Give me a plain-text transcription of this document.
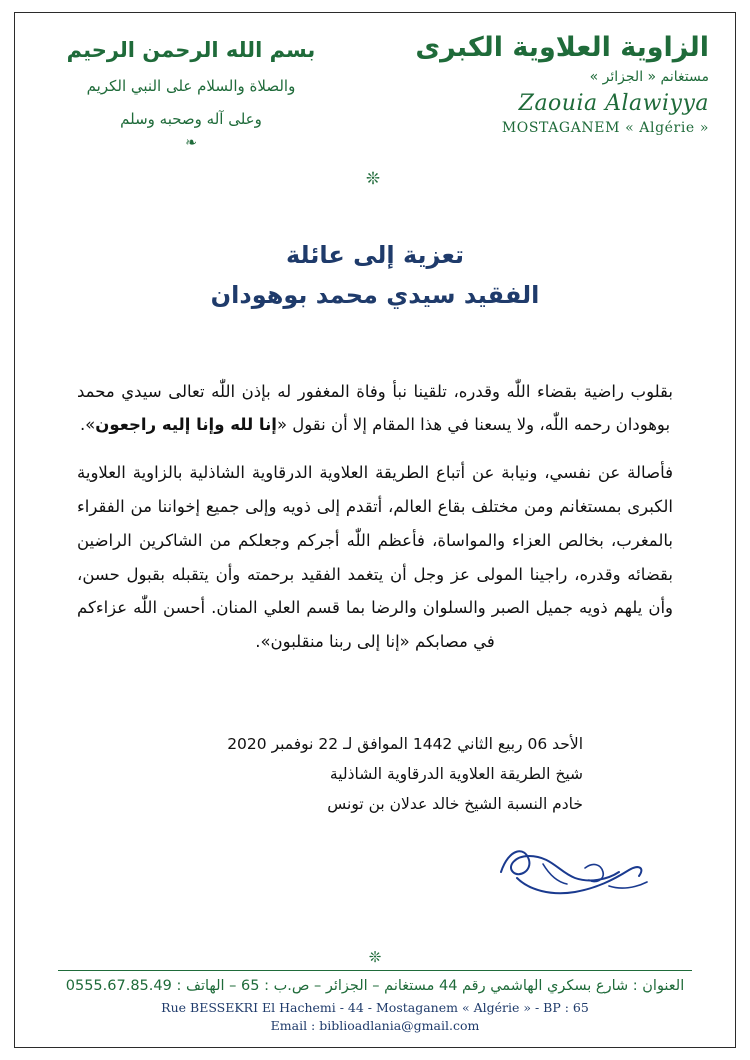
الزاوية العلاوية الكبرى
مستغانم « الجزائر »
Zaouia Alawiyya
MOSTAGANEM « Algérie »
بسم الله الرحمن الرحيم
والصلاة والسلام على النبي الكريم
وعلى آله وصحبه وسلم
❧
❊
تعزية إلى عائلة
الفقيد سيدي محمد بوهودان

بقلوب راضية بقضاء اللّٰه وقدره، تلقينا نبأ وفاة المغفور له بإذن اللّٰه تعالى سيدي محمد بوهودان رحمه اللّٰه، ولا يسعنا في هذا المقام إلا أن نقول «إنا لله وإنا إليه راجعون».

فأصالة عن نفسي، ونيابة عن أتباع الطريقة العلاوية الدرقاوية الشاذلية بالزاوية العلاوية الكبرى بمستغانم ومن مختلف بقاع العالم، أتقدم إلى ذويه وإلى جميع إخواننا من الفقراء بالمغرب، بخالص العزاء والمواساة، فأعظم اللّٰه أجركم وجعلكم من الشاكرين الراضين بقضائه وقدره، راجينا المولى عز وجل أن يتغمد الفقيد برحمته وأن يتقبله بقبول حسن، وأن يلهم ذويه جميل الصبر والسلوان والرضا بما قسم العلي المنان. أحسن اللّٰه عزاءكم في مصابكم «إنا إلى ربنا منقلبون».

الأحد 06 ربيع الثاني 1442 الموافق لـ 22 نوفمبر 2020
شيخ الطريقة العلاوية الدرقاوية الشاذلية
خادم النسبة الشيخ خالد عدلان بن تونس
❊
العنوان : شارع بسكري الهاشمي رقم 44 مستغانم – الجزائر – ص.ب : 65 – الهاتف : 0555.67.85.49
Rue BESSEKRI El Hachemi - 44 - Mostaganem « Algérie » - BP : 65
Email : biblioadlania@gmail.com
